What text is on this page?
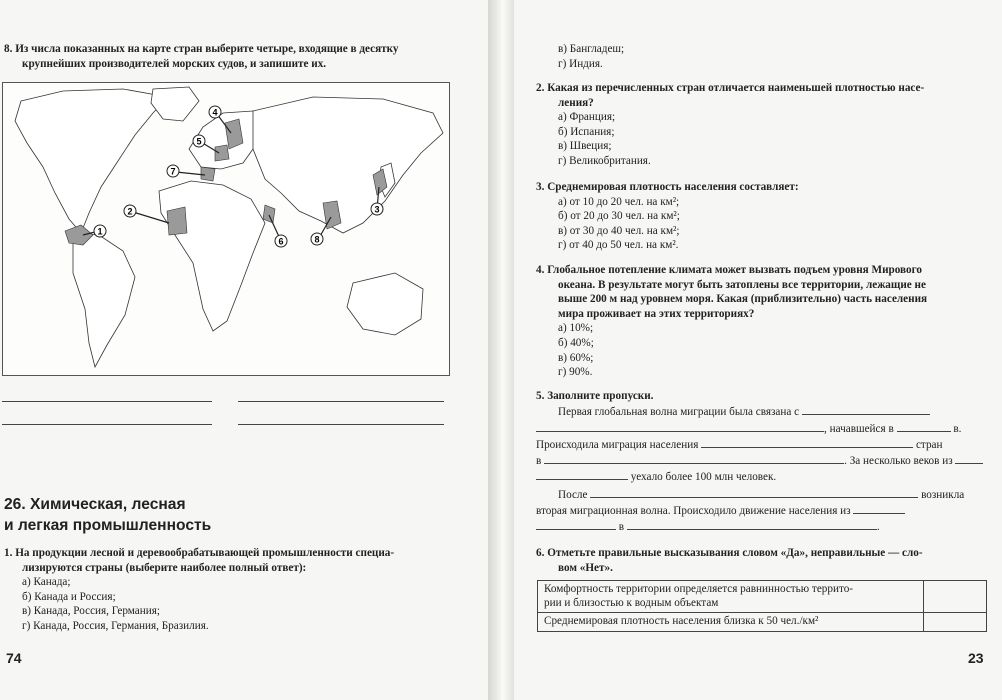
8. Из числа показанных на карте стран выберите четыре, входящие в десятку
крупнейших производителей морских судов, и запишите их.
1
2	3
4
5
6
7
8
26. Химическая, лесная
и легкая промышленность
1. На продукции лесной и деревообрабатывающей промышленности специа-
лизируются страны (выберите наиболее полный ответ):
а) Канада;
б) Канада и Россия;
в) Канада, Россия, Германия;
г) Канада, Россия, Германия, Бразилия.
74
в) Бангладеш;
г) Индия.
2. Какая из перечисленных стран отличается наименьшей плотностью насе-
ления?
а) Франция;
б) Испания;
в) Швеция;
г) Великобритания.
3. Среднемировая плотность населения составляет:
а) от 10 до 20 чел. на км²;
б) от 20 до 30 чел. на км²;
в) от 30 до 40 чел. на км²;
г) от 40 до 50 чел. на км².
4. Глобальное потепление климата может вызвать подъем уровня Мирового
океана. В результате могут быть затоплены все территории, лежащие не
выше 200 м над уровнем моря. Какая (приблизительно) часть населения
мира проживает на этих территориях?
а) 10%;
б) 40%;
в) 60%;
г) 90%.
5. Заполните пропуски.
Первая глобальная волна миграции была связана с
, начавшейся в	в.
Происходила миграция населения	стран
в	. За несколько веков из
уехало более 100 млн человек.
После	возникла
вторая миграционная волна. Происходило движение населения из
в	.
6. Отметьте правильные высказывания словом «Да», неправильные — сло-
вом «Нет».
23
Комфортность территории определяется равнинностью террито-
рии и близостью к водным объектам	
Среднемировая плотность населения близка к 50 чел./км²	
